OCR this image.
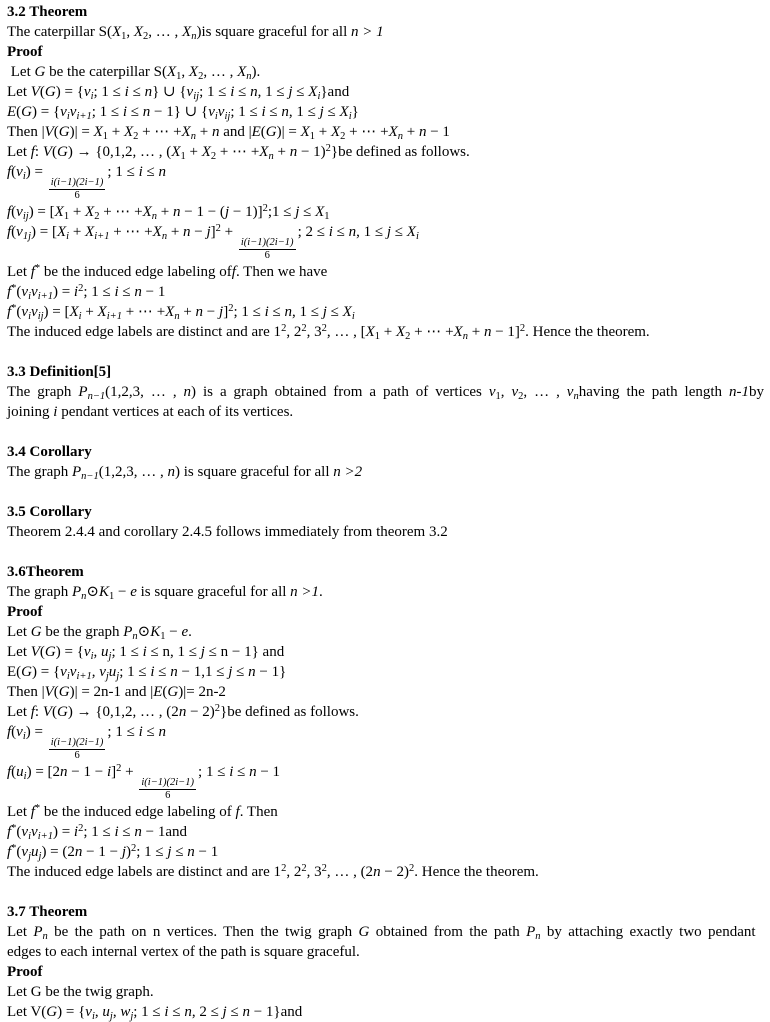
3.2 Theorem
The caterpillar $S(X_1$, $X_2$, … , $X_n)is$ square graceful for all n > 1
Proof
Let G be the caterpillar $S(X_1$, $X_2$, … , $X_n$).
Let $V(G) = \{v_i$; 1 ≤ i ≤ n} ∪ {$v_{ij}$; 1 ≤ i ≤ n, $1 \le j \le X_i\}and$
$E(G) = \{v_iv_{i+1}$; 1 ≤ i ≤ n − 1} ∪ {$v_iv_{ij}$; 1 ≤ i ≤ n, $1 \le j \le X_i$}
Then $|V(G)| = X_1 + X_2$ + ⋯ $+X_n + n$ and $|E(G)| = X_1 + X_2$ + ⋯ $+X_n + n - 1$
Let f: V(G) → {0,1,2, … , ($X_1 + X_2$ + ⋯ $+X_n + n - 1)^2\}be$ defined as follows.
$f(v_i)$ =
$\frac{i(i-1)(2i-1)}{6}$
; 1 ≤ i ≤ n
$f(v_{ij}) = [X_1 + X_2$ + ⋯ $+X_n + n - 1 - (j$ − 1)]$^2$;1 ≤ $j \le X_1$
$f(v_{1j}) = [X_i + X_{i+1}$ + ⋯ $+X_n + n - j]^2$ +
$\frac{i(i-1)(2i-1)}{6}$
; 2 ≤ i ≤ n, $1 \le j \le X_i$
Let f* be the induced edge labeling off. Then we have
$f^*(v_iv_{i+1}) = i^2$; 1 ≤ i ≤ n − 1
$f^*(v_iv_{ij}) = [X_i + X_{i+1}$ + ⋯ $+X_n + n - j]^2$; 1 ≤ i ≤ n, $1 \le j \le X_i$
The induced edge labels are distinct and are $1^2$, $2^2$, $3^2$, … , [$X_1 + X_2$ + ⋯ $+X_n + n - 1]^2$. Hence the theorem.
3.3 Definition[5]
The graph $P_{n-1}(1,2,3$, … , n) is a graph obtained from a path of vertices $v_1$, $v_2$, … , $v_nhaving$ the path length n-1by
joining i pendant vertices at each of its vertices.
3.4 Corollary
The graph $P_{n-1}(1,2,3$, … , n) is square graceful for all n >2
3.5 Corollary
Theorem 2.4.4 and corollary 2.4.5 follows immediately from theorem 3.2
3.6Theorem
The graph $P_n⊙K_1 - e$ is square graceful for all n >1.
Proof
Let G be the graph $P_n⊙K_1 - e$.
Let $V(G) = \{v_i$, $u_j$; 1 ≤ i ≤ n, 1 ≤ j ≤ n − 1} and
$E(G) = \{v_iv_{i+1}$, $v_ju_j$; 1 ≤ i ≤ n − 1,1 ≤ j ≤ n − 1}
Then |V(G)| = 2n-1 and |E(G)|= 2n-2
Let f: V(G) → {0,1,2, … , $(2n - 2)^2\}be$ defined as follows.
$f(v_i)$ =
$\frac{i(i-1)(2i-1)}{6}$
; 1 ≤ i ≤ n
$f(u_i) = [2n - 1 - i]^2$ +
$\frac{i(i-1)(2i-1)}{6}$
; 1 ≤ i ≤ n − 1
Let f* be the induced edge labeling of f. Then
$f^*(v_iv_{i+1}) = i^2$; 1 ≤ i ≤ n − 1and
$f^*(v_ju_j) = (2n - 1 - j)^2$; 1 ≤ j ≤ n − 1
The induced edge labels are distinct and are $1^2$, $2^2$, $3^2$, … , $(2n - 2)^2$. Hence the theorem.
3.7 Theorem
Let $P_n$ be the path on n vertices. Then the twig graph G obtained from the path $P_n$ by attaching exactly two pendant
edges to each internal vertex of the path is square graceful.
Proof
Let G be the twig graph.
Let $V(G) = \{v_i$, $u_j$, $w_j$; 1 ≤ i ≤ n, 2 ≤ j ≤ n − 1}and
